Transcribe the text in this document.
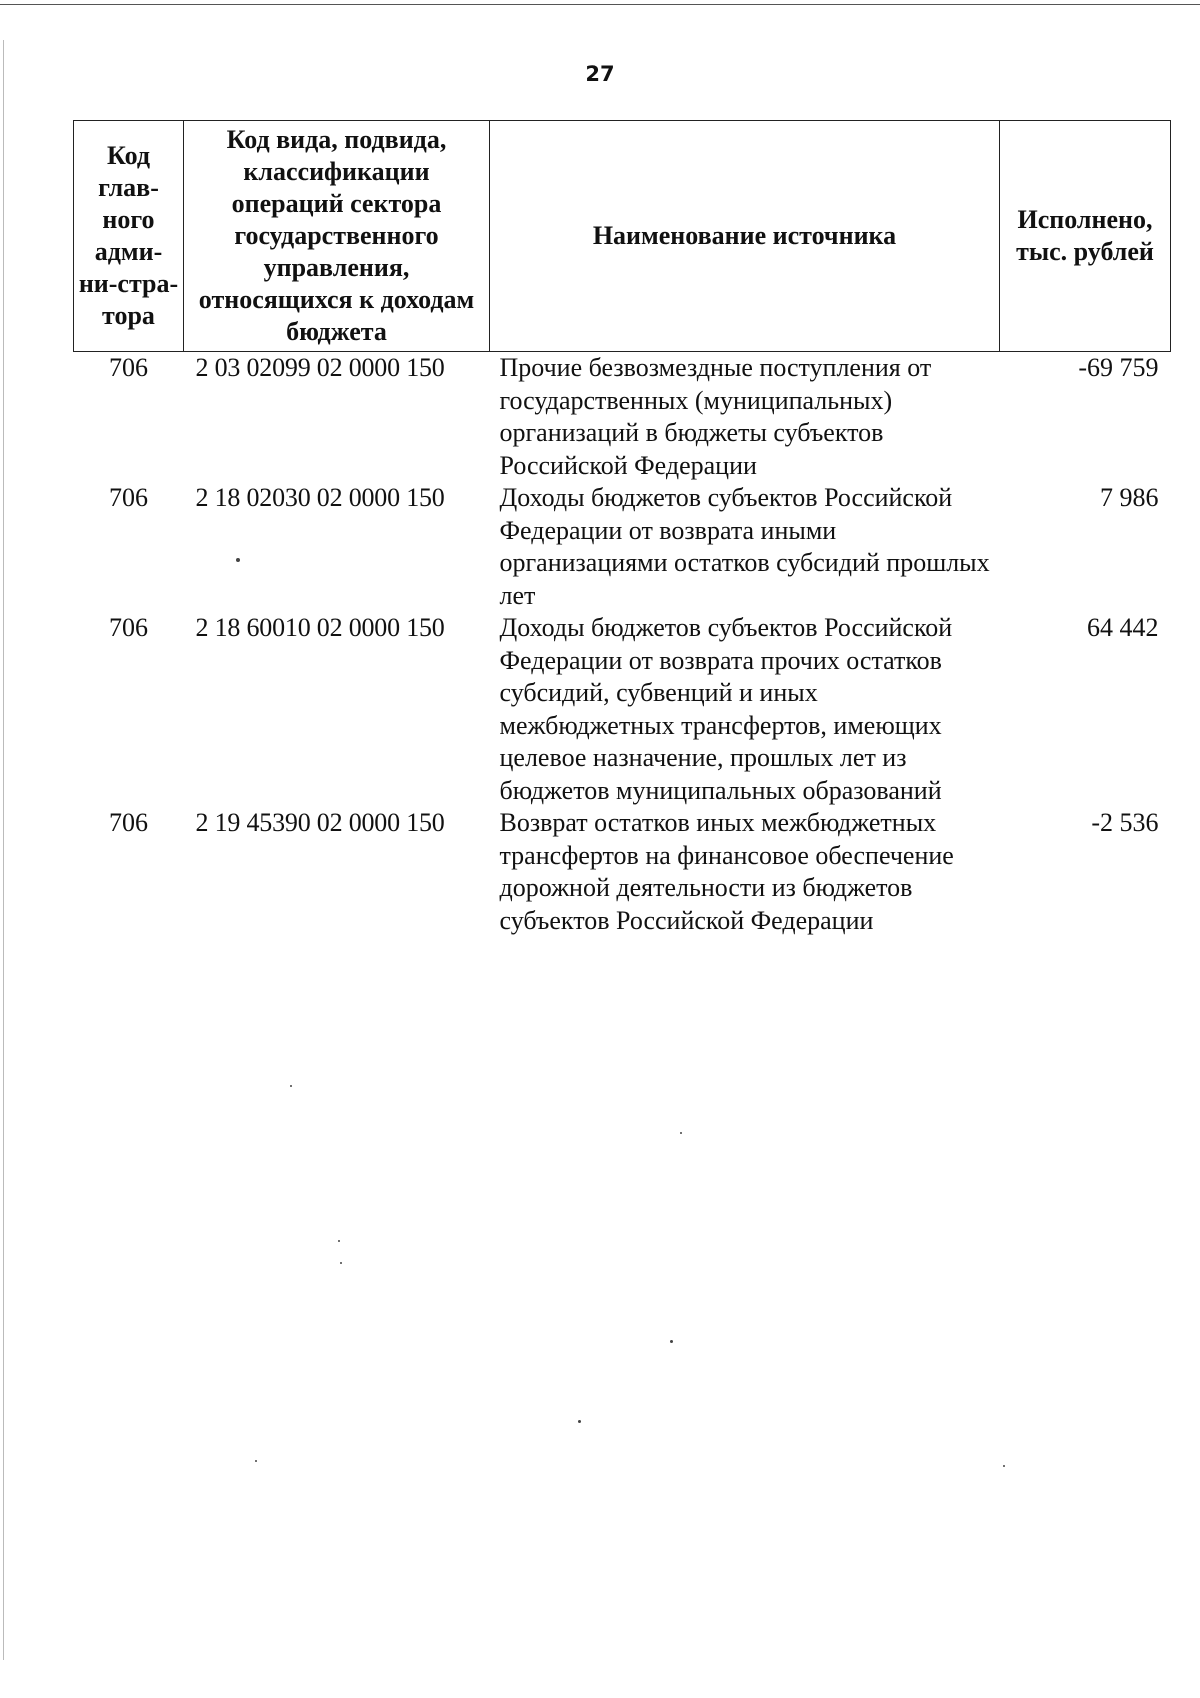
27
Код глав-ного адми-ни-стра-тора	Код вида, подвида, классификации операций сектора государственного управления, относящихся к доходам бюджета	Наименование источника	Исполнено, тыс. рублей
706	2 03 02099 02 0000 150	Прочие безвозмездные поступления от государственных (муниципальных) организаций в бюджеты субъектов Российской Федерации	-69 759
706	2 18 02030 02 0000 150	Доходы бюджетов субъектов Российской Федерации от возврата иными организациями остатков субсидий прошлых лет	7 986
706	2 18 60010 02 0000 150	Доходы бюджетов субъектов Российской Федерации от возврата прочих остатков субсидий, субвенций и иных межбюджетных трансфертов, имеющих целевое назначение, прошлых лет из бюджетов муниципальных образований	64 442
706	2 19 45390 02 0000 150	Возврат остатков иных межбюджетных трансфертов на финансовое обеспечение дорожной деятельности из бюджетов субъектов Российской Федерации	-2 536
